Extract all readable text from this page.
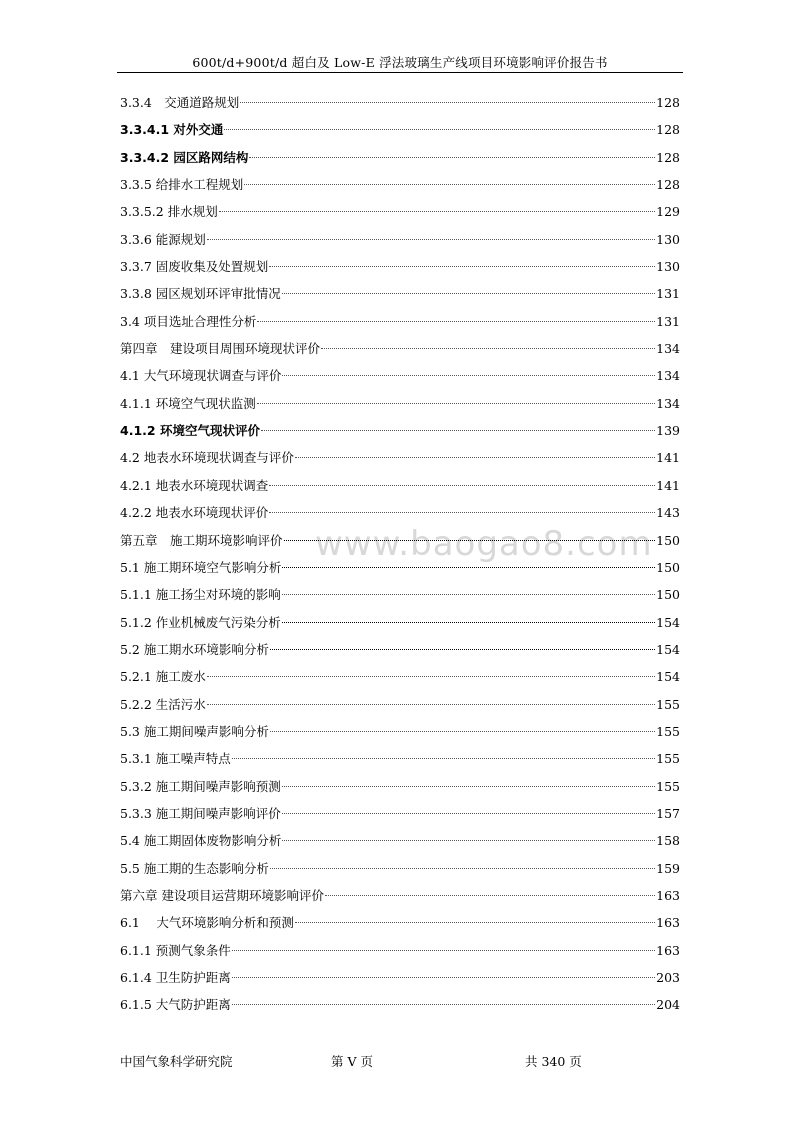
600t/d+900t/d 超白及 Low-E 浮法玻璃生产线项目环境影响评价报告书
www.baogao8.com
3.3.4　交通道路规划	128
3.3.4.1 对外交通	128
3.3.4.2 园区路网结构	128
3.3.5 给排水工程规划	128
3.3.5.2 排水规划	129
3.3.6 能源规划	130
3.3.7 固废收集及处置规划	130
3.3.8 园区规划环评审批情况	131
3.4 项目选址合理性分析	131
第四章　建设项目周围环境现状评价	134
4.1 大气环境现状调查与评价	134
4.1.1 环境空气现状监测	134
4.1.2 环境空气现状评价	139
4.2 地表水环境现状调查与评价	141
4.2.1 地表水环境现状调查	141
4.2.2 地表水环境现状评价	143
第五章　施工期环境影响评价	150
5.1 施工期环境空气影响分析	150
5.1.1 施工扬尘对环境的影响	150
5.1.2 作业机械废气污染分析	154
5.2 施工期水环境影响分析	154
5.2.1 施工废水	154
5.2.2 生活污水	155
5.3 施工期间噪声影响分析	155
5.3.1 施工噪声特点	155
5.3.2 施工期间噪声影响预测	155
5.3.3 施工期间噪声影响评价	157
5.4 施工期固体废物影响分析	158
5.5 施工期的生态影响分析	159
第六章 建设项目运营期环境影响评价	163
6.1　 大气环境影响分析和预测	163
6.1.1 预测气象条件	163
6.1.4 卫生防护距离	203
6.1.5 大气防护距离	204
中国气象科学研究院	第 V 页	共 340 页
